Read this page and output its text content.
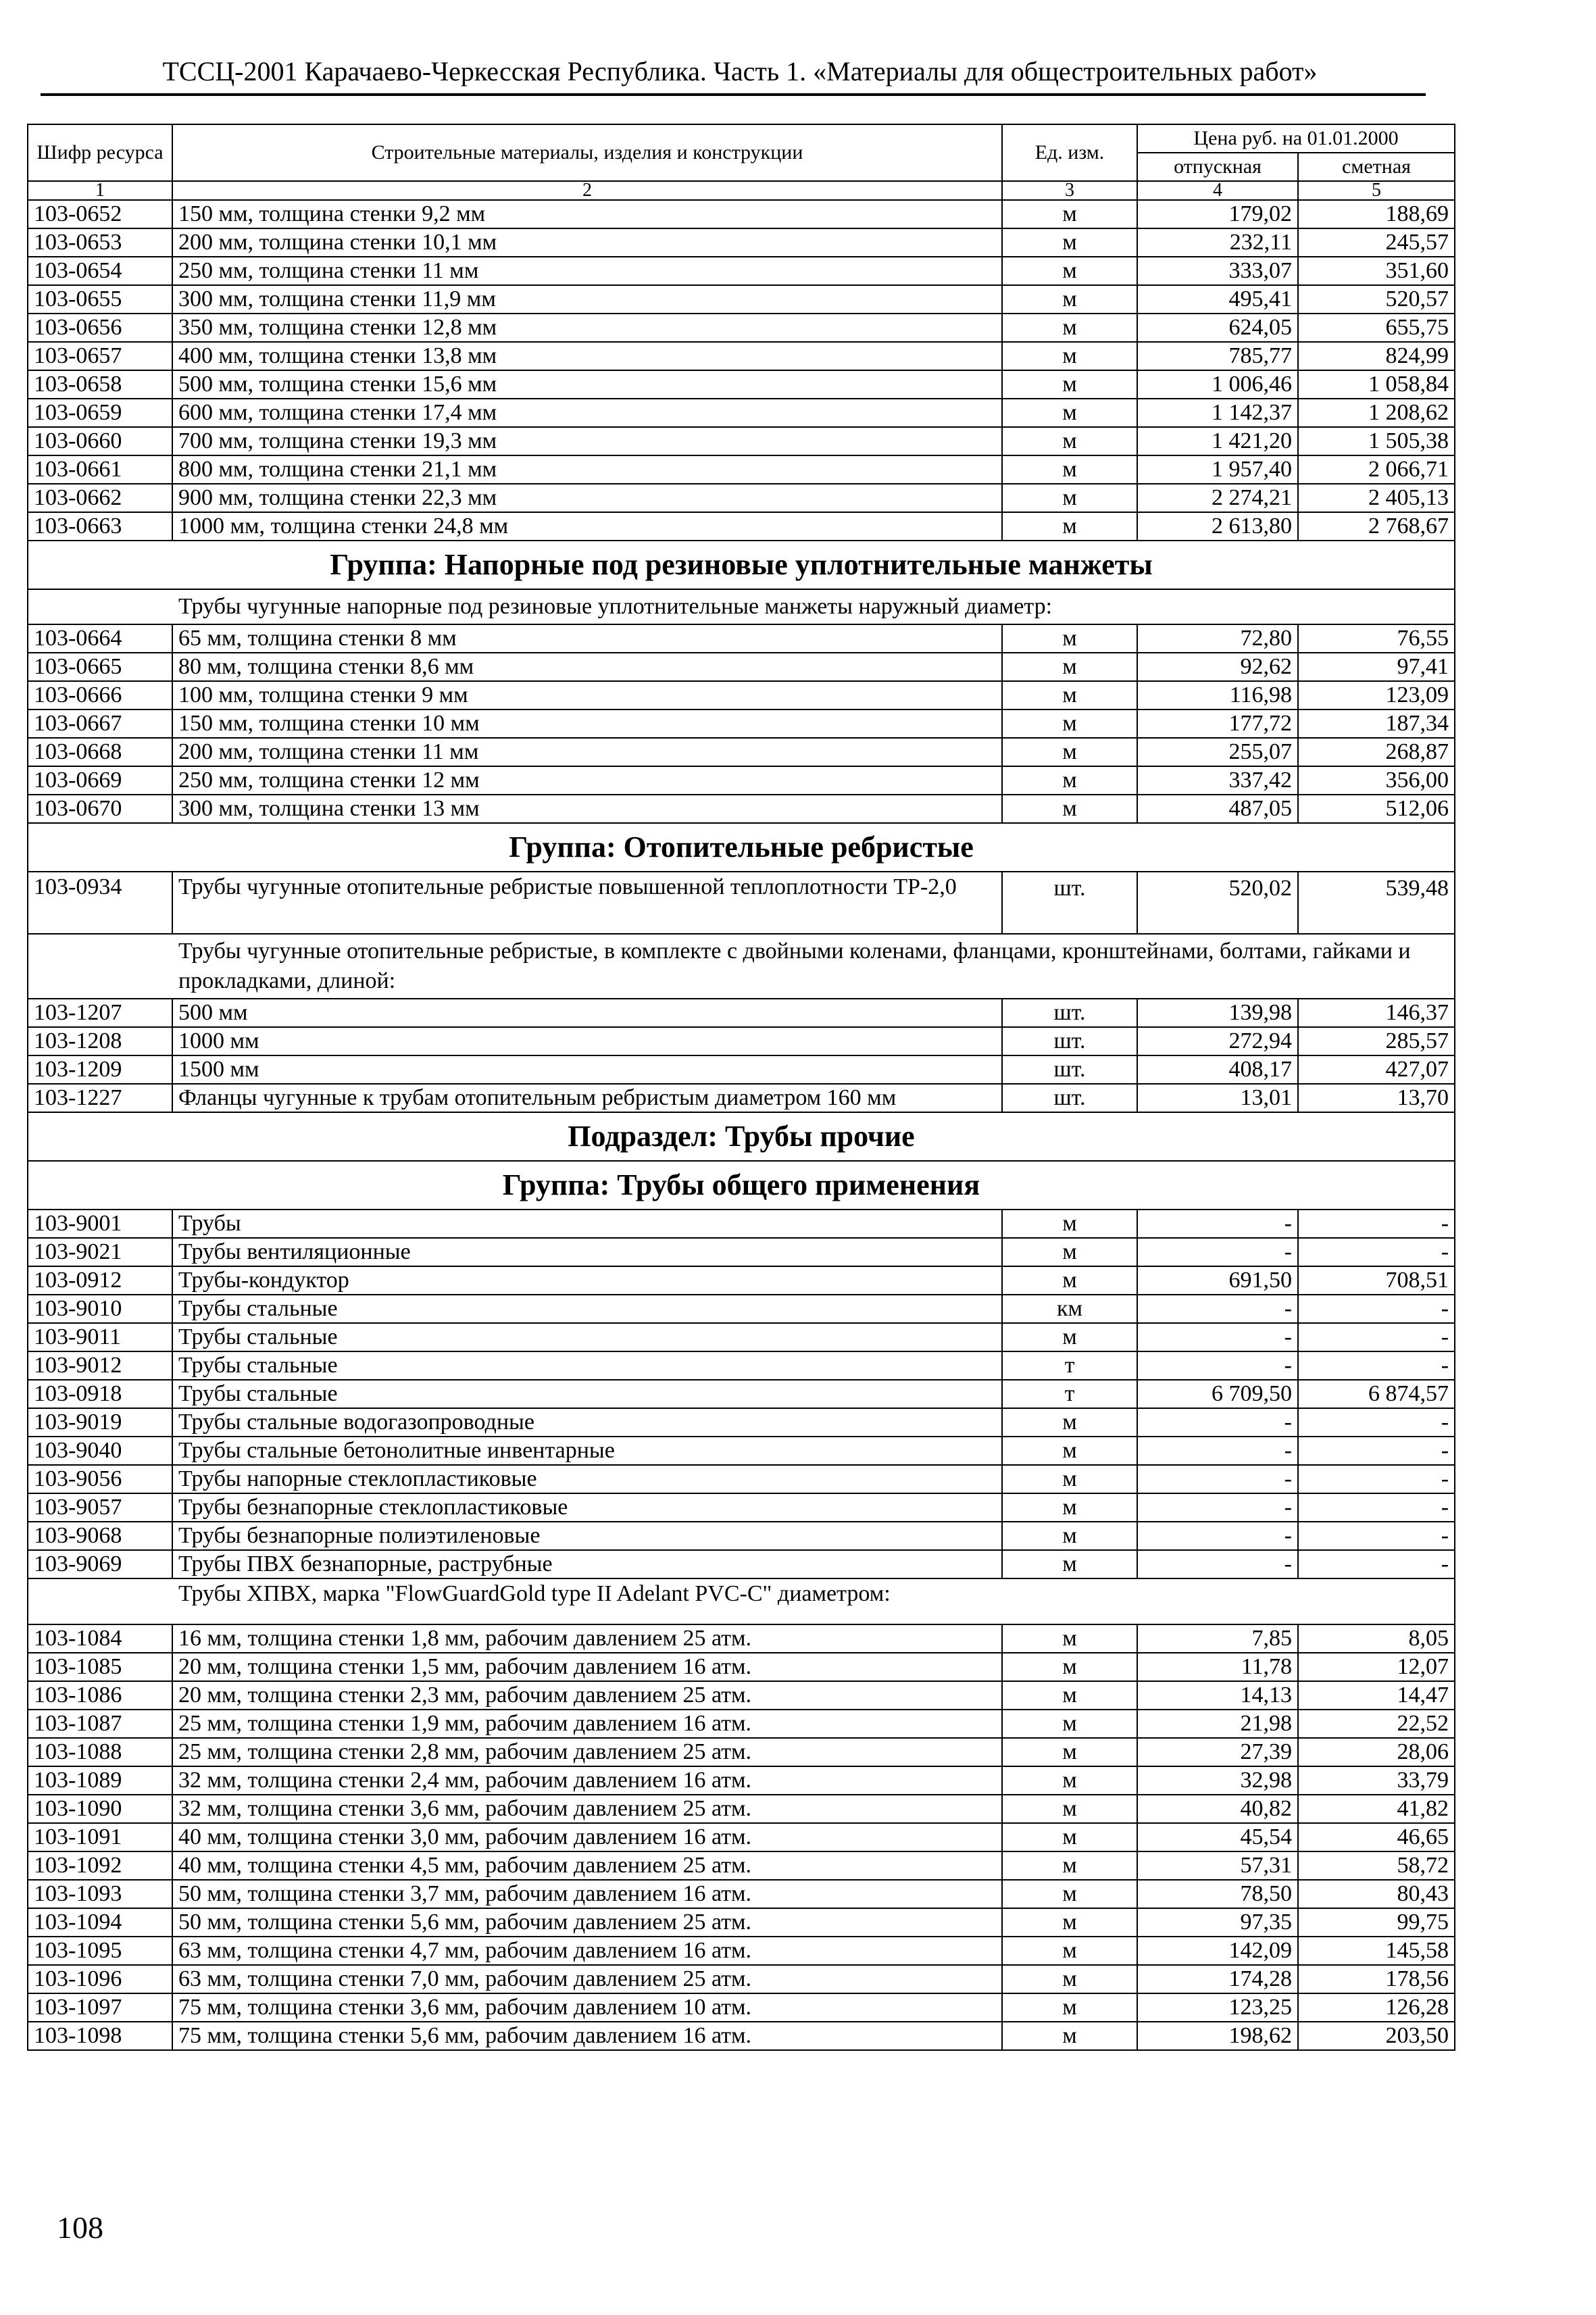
ТССЦ-2001 Карачаево-Черкесская Республика. Часть 1. «Материалы для общестроительных работ»
Шифр ресурса	Строительные материалы, изделия и конструкции	Ед. изм.	Цена руб. на 01.01.2000	
			отпускная	сметная
1	2	3	4	5
103-0652	150 мм, толщина стенки 9,2 мм	м	179,02	188,69
103-0653	200 мм, толщина стенки 10,1 мм	м	232,11	245,57
103-0654	250 мм, толщина стенки 11 мм	м	333,07	351,60
103-0655	300 мм, толщина стенки 11,9 мм	м	495,41	520,57
103-0656	350 мм, толщина стенки 12,8 мм	м	624,05	655,75
103-0657	400 мм, толщина стенки 13,8 мм	м	785,77	824,99
103-0658	500 мм, толщина стенки 15,6 мм	м	1 006,46	1 058,84
103-0659	600 мм, толщина стенки 17,4 мм	м	1 142,37	1 208,62
103-0660	700 мм, толщина стенки 19,3 мм	м	1 421,20	1 505,38
103-0661	800 мм, толщина стенки 21,1 мм	м	1 957,40	2 066,71
103-0662	900 мм, толщина стенки 22,3 мм	м	2 274,21	2 405,13
103-0663	1000 мм, толщина стенки 24,8 мм	м	2 613,80	2 768,67
Группа: Напорные под резиновые уплотнительные манжеты				
Трубы чугунные напорные под резиновые уплотнительные манжеты наружный диаметр:				
103-0664	65 мм, толщина стенки 8 мм	м	72,80	76,55
103-0665	80 мм, толщина стенки 8,6 мм	м	92,62	97,41
103-0666	100 мм, толщина стенки 9 мм	м	116,98	123,09
103-0667	150 мм, толщина стенки 10 мм	м	177,72	187,34
103-0668	200 мм, толщина стенки 11 мм	м	255,07	268,87
103-0669	250 мм, толщина стенки 12 мм	м	337,42	356,00
103-0670	300 мм, толщина стенки 13 мм	м	487,05	512,06
Группа: Отопительные ребристые				
103-0934	Трубы чугунные отопительные ребристые повышенной теплоплотности ТР-2,0	шт.	520,02	539,48
Трубы чугунные отопительные ребристые, в комплекте с двойными коленами, фланцами, кронштейнами, болтами, гайками и прокладками, длиной:				
103-1207	500 мм	шт.	139,98	146,37
103-1208	1000 мм	шт.	272,94	285,57
103-1209	1500 мм	шт.	408,17	427,07
103-1227	Фланцы чугунные к трубам отопительным ребристым диаметром 160 мм	шт.	13,01	13,70
Подраздел: Трубы прочие				
Группа: Трубы общего применения				
103-9001	Трубы	м	-	-
103-9021	Трубы вентиляционные	м	-	-
103-0912	Трубы-кондуктор	м	691,50	708,51
103-9010	Трубы стальные	км	-	-
103-9011	Трубы стальные	м	-	-
103-9012	Трубы стальные	т	-	-
103-0918	Трубы стальные	т	6 709,50	6 874,57
103-9019	Трубы стальные водогазопроводные	м	-	-
103-9040	Трубы стальные бетонолитные инвентарные	м	-	-
103-9056	Трубы напорные стеклопластиковые	м	-	-
103-9057	Трубы безнапорные стеклопластиковые	м	-	-
103-9068	Трубы безнапорные полиэтиленовые	м	-	-
103-9069	Трубы ПВХ безнапорные, раструбные	м	-	-
Трубы ХПВХ, марка "FlowGuardGold type II Adelant PVC-C" диаметром:				
103-1084	16 мм, толщина стенки 1,8 мм, рабочим давлением 25 атм.	м	7,85	8,05
103-1085	20 мм, толщина стенки 1,5 мм, рабочим давлением 16 атм.	м	11,78	12,07
103-1086	20 мм, толщина стенки 2,3 мм, рабочим давлением 25 атм.	м	14,13	14,47
103-1087	25 мм, толщина стенки 1,9 мм, рабочим давлением 16 атм.	м	21,98	22,52
103-1088	25 мм, толщина стенки 2,8 мм, рабочим давлением 25 атм.	м	27,39	28,06
103-1089	32 мм, толщина стенки 2,4 мм, рабочим давлением 16 атм.	м	32,98	33,79
103-1090	32 мм, толщина стенки 3,6 мм, рабочим давлением 25 атм.	м	40,82	41,82
103-1091	40 мм, толщина стенки 3,0 мм, рабочим давлением 16 атм.	м	45,54	46,65
103-1092	40 мм, толщина стенки 4,5 мм, рабочим давлением 25 атм.	м	57,31	58,72
103-1093	50 мм, толщина стенки 3,7 мм, рабочим давлением 16 атм.	м	78,50	80,43
103-1094	50 мм, толщина стенки 5,6 мм, рабочим давлением 25 атм.	м	97,35	99,75
103-1095	63 мм, толщина стенки 4,7 мм, рабочим давлением 16 атм.	м	142,09	145,58
103-1096	63 мм, толщина стенки 7,0 мм, рабочим давлением 25 атм.	м	174,28	178,56
103-1097	75 мм, толщина стенки 3,6 мм, рабочим давлением 10 атм.	м	123,25	126,28
103-1098	75 мм, толщина стенки 5,6 мм, рабочим давлением 16 атм.	м	198,62	203,50
108
